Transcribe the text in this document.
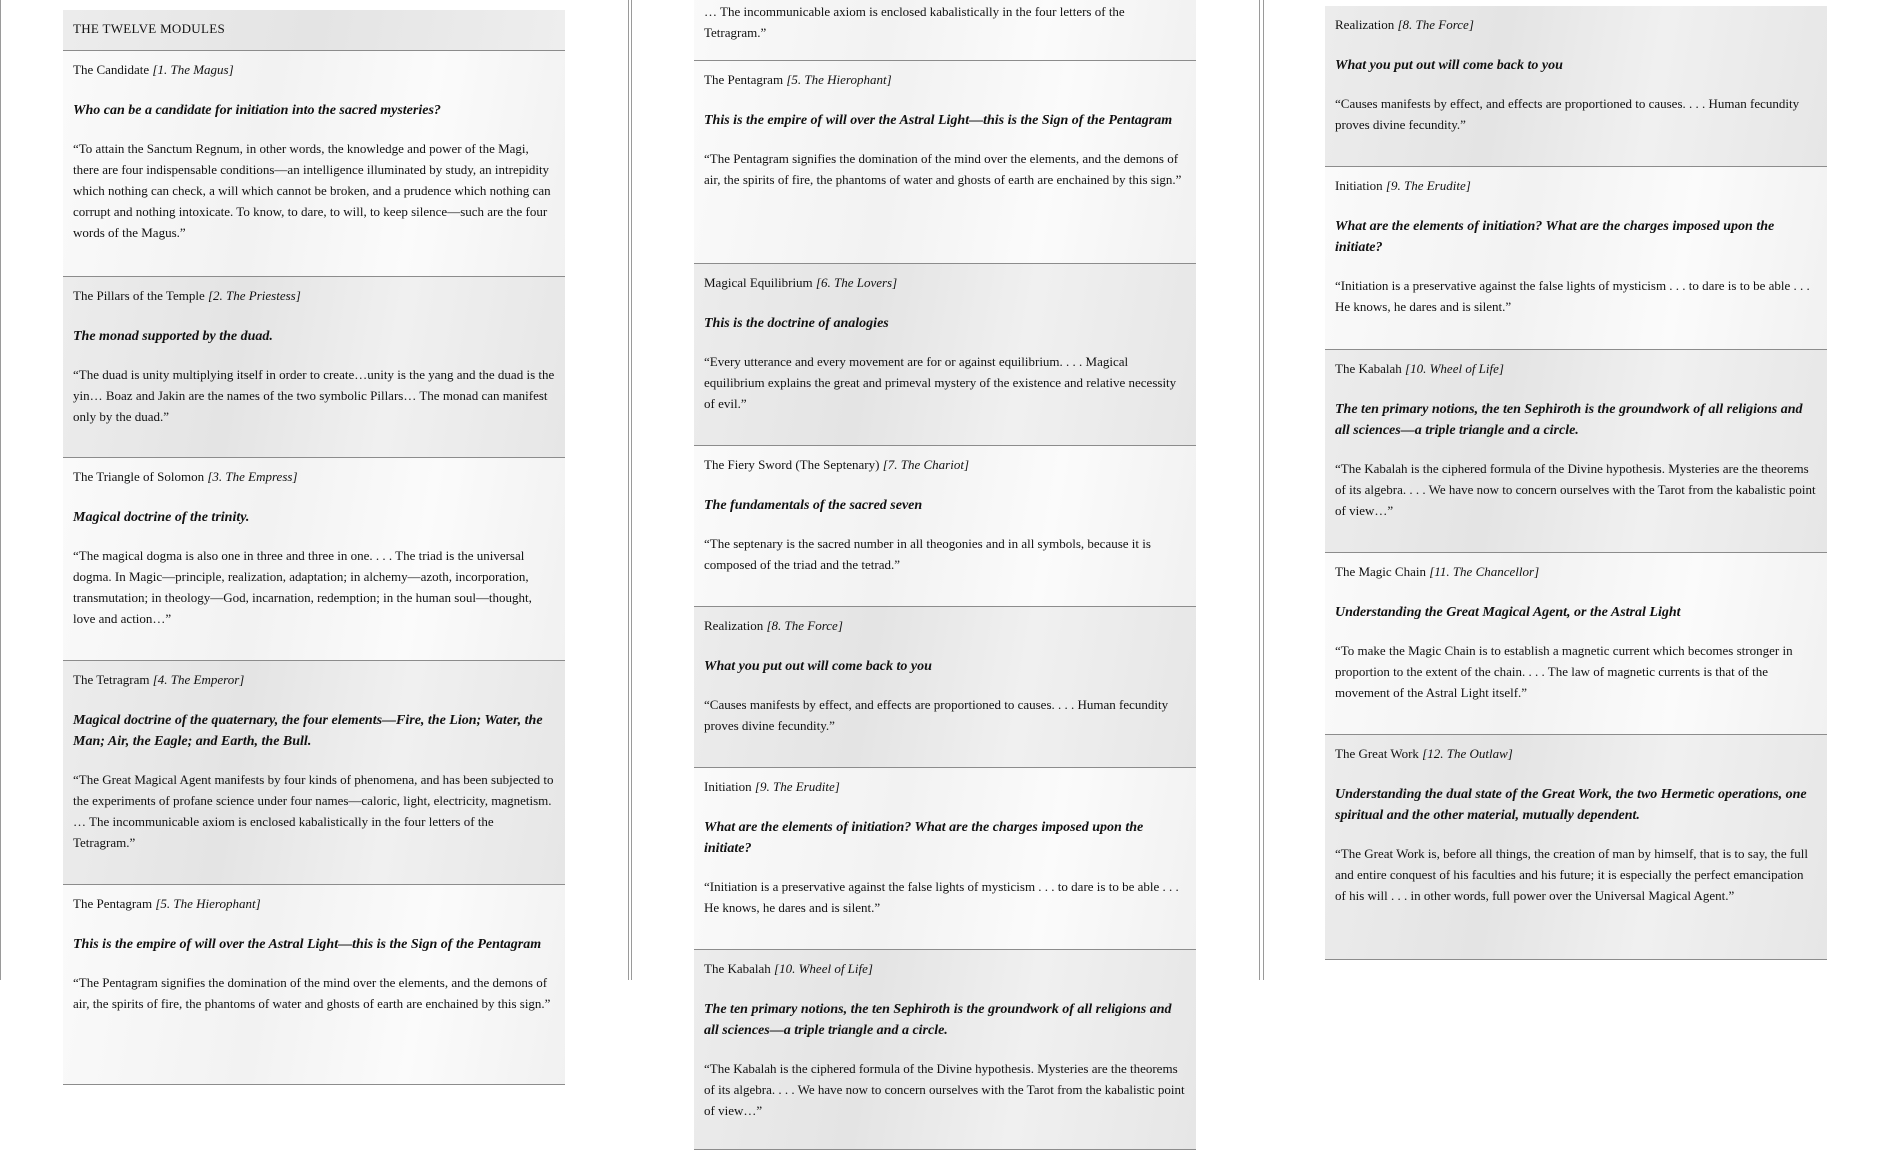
THE TWELVE MODULES
The Candidate [1. The Magus]
Who can be a candidate for initiation into the sacred mysteries?
“To attain the Sanctum Regnum, in other words, the knowledge and power of the Magi, there are four indispensable conditions—an intelligence illuminated by study, an intrepidity which nothing can check, a will which cannot be broken, and a prudence which nothing can corrupt and nothing intoxicate. To know, to dare, to will, to keep silence—such are the four words of the Magus.”
The Pillars of the Temple [2. The Priestess]
The monad supported by the duad.
“The duad is unity multiplying itself in order to create…unity is the yang and the duad is the yin… Boaz and Jakin are the names of the two symbolic Pillars… The monad can manifest only by the duad.”
The Triangle of Solomon [3. The Empress]
Magical doctrine of the trinity.
“The magical dogma is also one in three and three in one. . . . The triad is the universal dogma. In Magic—principle, realization, adaptation; in alchemy—azoth, incorporation, transmutation; in theology—God, incarnation, redemption; in the human soul—thought, love and action…”
The Tetragram [4. The Emperor]
Magical doctrine of the quaternary, the four elements—Fire, the Lion; Water, the Man; Air, the Eagle; and Earth, the Bull.
“The Great Magical Agent manifests by four kinds of phenomena, and has been subjected to the experiments of profane science under four names—caloric, light, electricity, magnetism. … The incommunicable axiom is enclosed kabalistically in the four letters of the Tetragram.”
The Pentagram [5. The Hierophant]
This is the empire of will over the Astral Light—this is the Sign of the Pentagram
“The Pentagram signifies the domination of the mind over the elements, and the demons of air, the spirits of fire, the phantoms of water and ghosts of earth are enchained by this sign.”
… The incommunicable axiom is enclosed kabalistically in the four letters of the Tetragram.”
The Pentagram [5. The Hierophant]
This is the empire of will over the Astral Light—this is the Sign of the Pentagram
“The Pentagram signifies the domination of the mind over the elements, and the demons of air, the spirits of fire, the phantoms of water and ghosts of earth are enchained by this sign.”
Magical Equilibrium [6. The Lovers]
This is the doctrine of analogies
“Every utterance and every movement are for or against equilibrium. . . . Magical equilibrium explains the great and primeval mystery of the existence and relative necessity of evil.”
The Fiery Sword (The Septenary) [7. The Chariot]
The fundamentals of the sacred seven
“The septenary is the sacred number in all theogonies and in all symbols, because it is composed of the triad and the tetrad.”
Realization [8. The Force]
What you put out will come back to you
“Causes manifests by effect, and effects are proportioned to causes. . . . Human fecundity proves divine fecundity.”
Initiation [9. The Erudite]
What are the elements of initiation? What are the charges imposed upon the initiate?
“Initiation is a preservative against the false lights of mysticism . . . to dare is to be able . . . He knows, he dares and is silent.”
The Kabalah [10. Wheel of Life]
The ten primary notions, the ten Sephiroth is the groundwork of all religions and all sciences—a triple triangle and a circle.
“The Kabalah is the ciphered formula of the Divine hypothesis. Mysteries are the theorems of its algebra. . . . We have now to concern ourselves with the Tarot from the kabalistic point of view…”
Realization [8. The Force]
What you put out will come back to you
“Causes manifests by effect, and effects are proportioned to causes. . . . Human fecundity proves divine fecundity.”
Initiation [9. The Erudite]
What are the elements of initiation? What are the charges imposed upon the initiate?
“Initiation is a preservative against the false lights of mysticism . . . to dare is to be able . . . He knows, he dares and is silent.”
The Kabalah [10. Wheel of Life]
The ten primary notions, the ten Sephiroth is the groundwork of all religions and all sciences—a triple triangle and a circle.
“The Kabalah is the ciphered formula of the Divine hypothesis. Mysteries are the theorems of its algebra. . . . We have now to concern ourselves with the Tarot from the kabalistic point of view…”
The Magic Chain [11. The Chancellor]
Understanding the Great Magical Agent, or the Astral Light
“To make the Magic Chain is to establish a magnetic current which becomes stronger in proportion to the extent of the chain. . . . The law of magnetic currents is that of the movement of the Astral Light itself.”
The Great Work [12. The Outlaw]
Understanding the dual state of the Great Work, the two Hermetic operations, one spiritual and the other material, mutually dependent.
“The Great Work is, before all things, the creation of man by himself, that is to say, the full and entire conquest of his faculties and his future; it is especially the perfect emancipation of his will . . . in other words, full power over the Universal Magical Agent.”
